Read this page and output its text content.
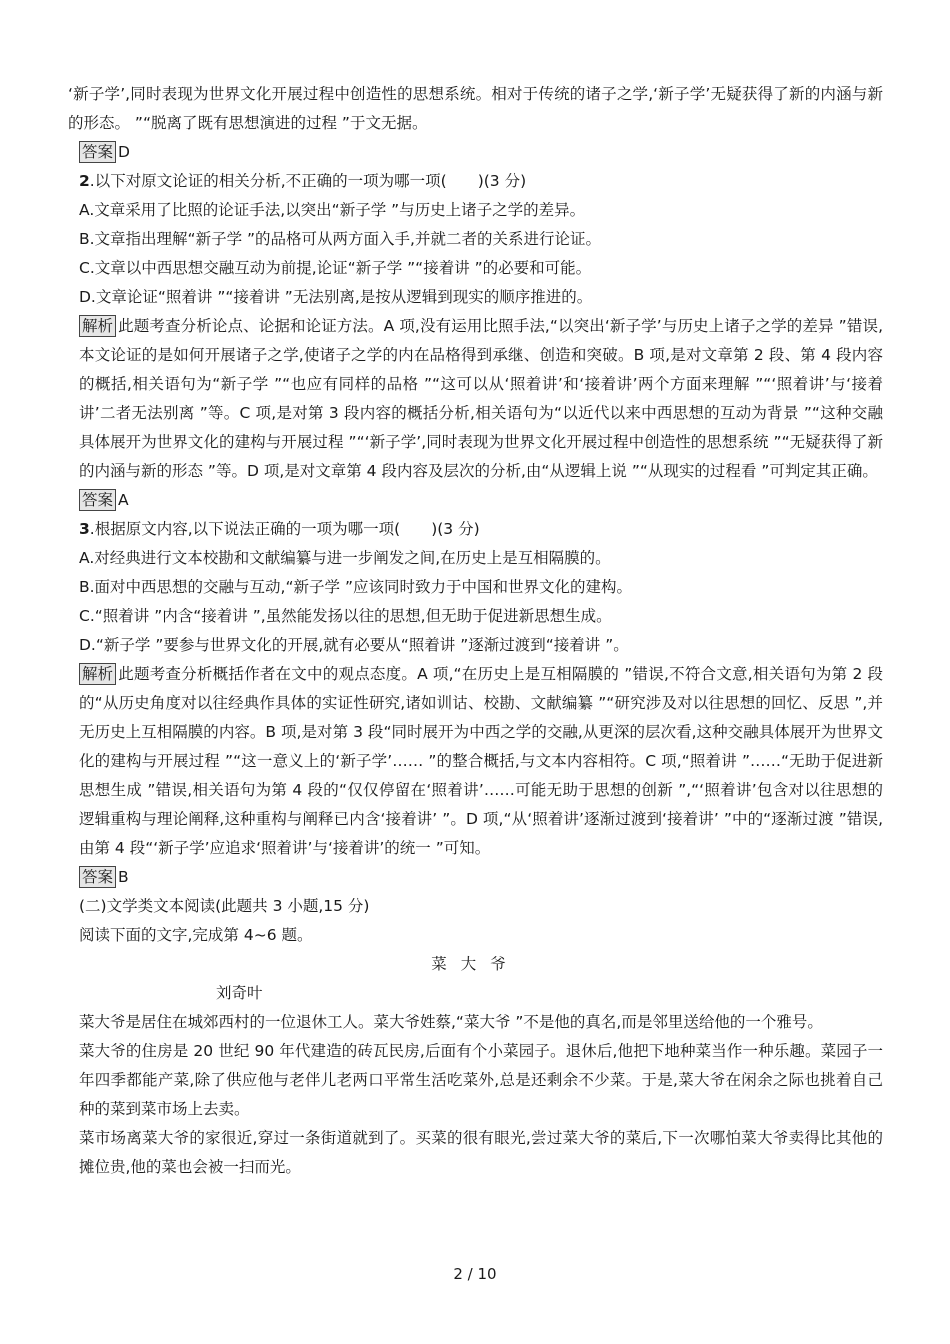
‘新子学’,同时表现为世界文化开展过程中创造性的思想系统。相对于传统的诸子之学,‘新子学’无疑获得了新的内涵与新的形态。 ”“脱离了既有思想演进的过程 ”于文无据。

答案 D

2.以下对原文论证的相关分析,不正确的一项为哪一项(　　)(3 分)

A.文章采用了比照的论证手法,以突出“新子学 ”与历史上诸子之学的差异。

B.文章指出理解“新子学 ”的品格可从两方面入手,并就二者的关系进行论证。

C.文章以中西思想交融互动为前提,论证“新子学 ”“接着讲 ”的必要和可能。

D.文章论证“照着讲 ”“接着讲 ”无法别离,是按从逻辑到现实的顺序推进的。

解析 此题考查分析论点、论据和论证方法。A 项,没有运用比照手法,“以突出‘新子学’与历史上诸子之学的差异 ”错误,本文论证的是如何开展诸子之学,使诸子之学的内在品格得到承继、创造和突破。B 项,是对文章第 2 段、第 4 段内容的概括,相关语句为“新子学 ”“也应有同样的品格 ”“这可以从‘照着讲’和‘接着讲’两个方面来理解 ”“‘照着讲’与‘接着讲’二者无法别离 ”等。C 项,是对第 3 段内容的概括分析,相关语句为“以近代以来中西思想的互动为背景 ”“这种交融具体展开为世界文化的建构与开展过程 ”“‘新子学’,同时表现为世界文化开展过程中创造性的思想系统 ”“无疑获得了新的内涵与新的形态 ”等。D 项,是对文章第 4 段内容及层次的分析,由“从逻辑上说 ”“从现实的过程看 ”可判定其正确。

答案 A

3.根据原文内容,以下说法正确的一项为哪一项(　　)(3 分)

A.对经典进行文本校勘和文献编纂与进一步阐发之间,在历史上是互相隔膜的。

B.面对中西思想的交融与互动,“新子学 ”应该同时致力于中国和世界文化的建构。

C.“照着讲 ”内含“接着讲 ”,虽然能发扬以往的思想,但无助于促进新思想生成。

D.“新子学 ”要参与世界文化的开展,就有必要从“照着讲 ”逐渐过渡到“接着讲 ”。

解析 此题考查分析概括作者在文中的观点态度。A 项,“在历史上是互相隔膜的 ”错误,不符合文意,相关语句为第 2 段的“从历史角度对以往经典作具体的实证性研究,诸如训诂、校勘、文献编纂 ”“研究涉及对以往思想的回忆、反思 ”,并无历史上互相隔膜的内容。B 项,是对第 3 段“同时展开为中西之学的交融,从更深的层次看,这种交融具体展开为世界文化的建构与开展过程 ”“这一意义上的‘新子学’…… ”的整合概括,与文本内容相符。C 项,“照着讲 ”……“无助于促进新思想生成 ”错误,相关语句为第 4 段的“仅仅停留在‘照着讲’……可能无助于思想的创新 ”,“‘照着讲’包含对以往思想的逻辑重构与理论阐释,这种重构与阐释已内含‘接着讲’ ”。D 项,“从‘照着讲’逐渐过渡到‘接着讲’ ”中的“逐渐过渡 ”错误,由第 4 段“‘新子学’应追求‘照着讲’与‘接着讲’的统一 ”可知。

答案 B

(二)文学类文本阅读(此题共 3 小题,15 分)

阅读下面的文字,完成第 4~6 题。

菜大爷

刘奇叶

菜大爷是居住在城郊西村的一位退休工人。菜大爷姓蔡,“菜大爷 ”不是他的真名,而是邻里送给他的一个雅号。

菜大爷的住房是 20 世纪 90 年代建造的砖瓦民房,后面有个小菜园子。退休后,他把下地种菜当作一种乐趣。菜园子一年四季都能产菜,除了供应他与老伴儿老两口平常生活吃菜外,总是还剩余不少菜。于是,菜大爷在闲余之际也挑着自己种的菜到菜市场上去卖。

菜市场离菜大爷的家很近,穿过一条街道就到了。买菜的很有眼光,尝过菜大爷的菜后,下一次哪怕菜大爷卖得比其他的摊位贵,他的菜也会被一扫而光。

2 / 10
